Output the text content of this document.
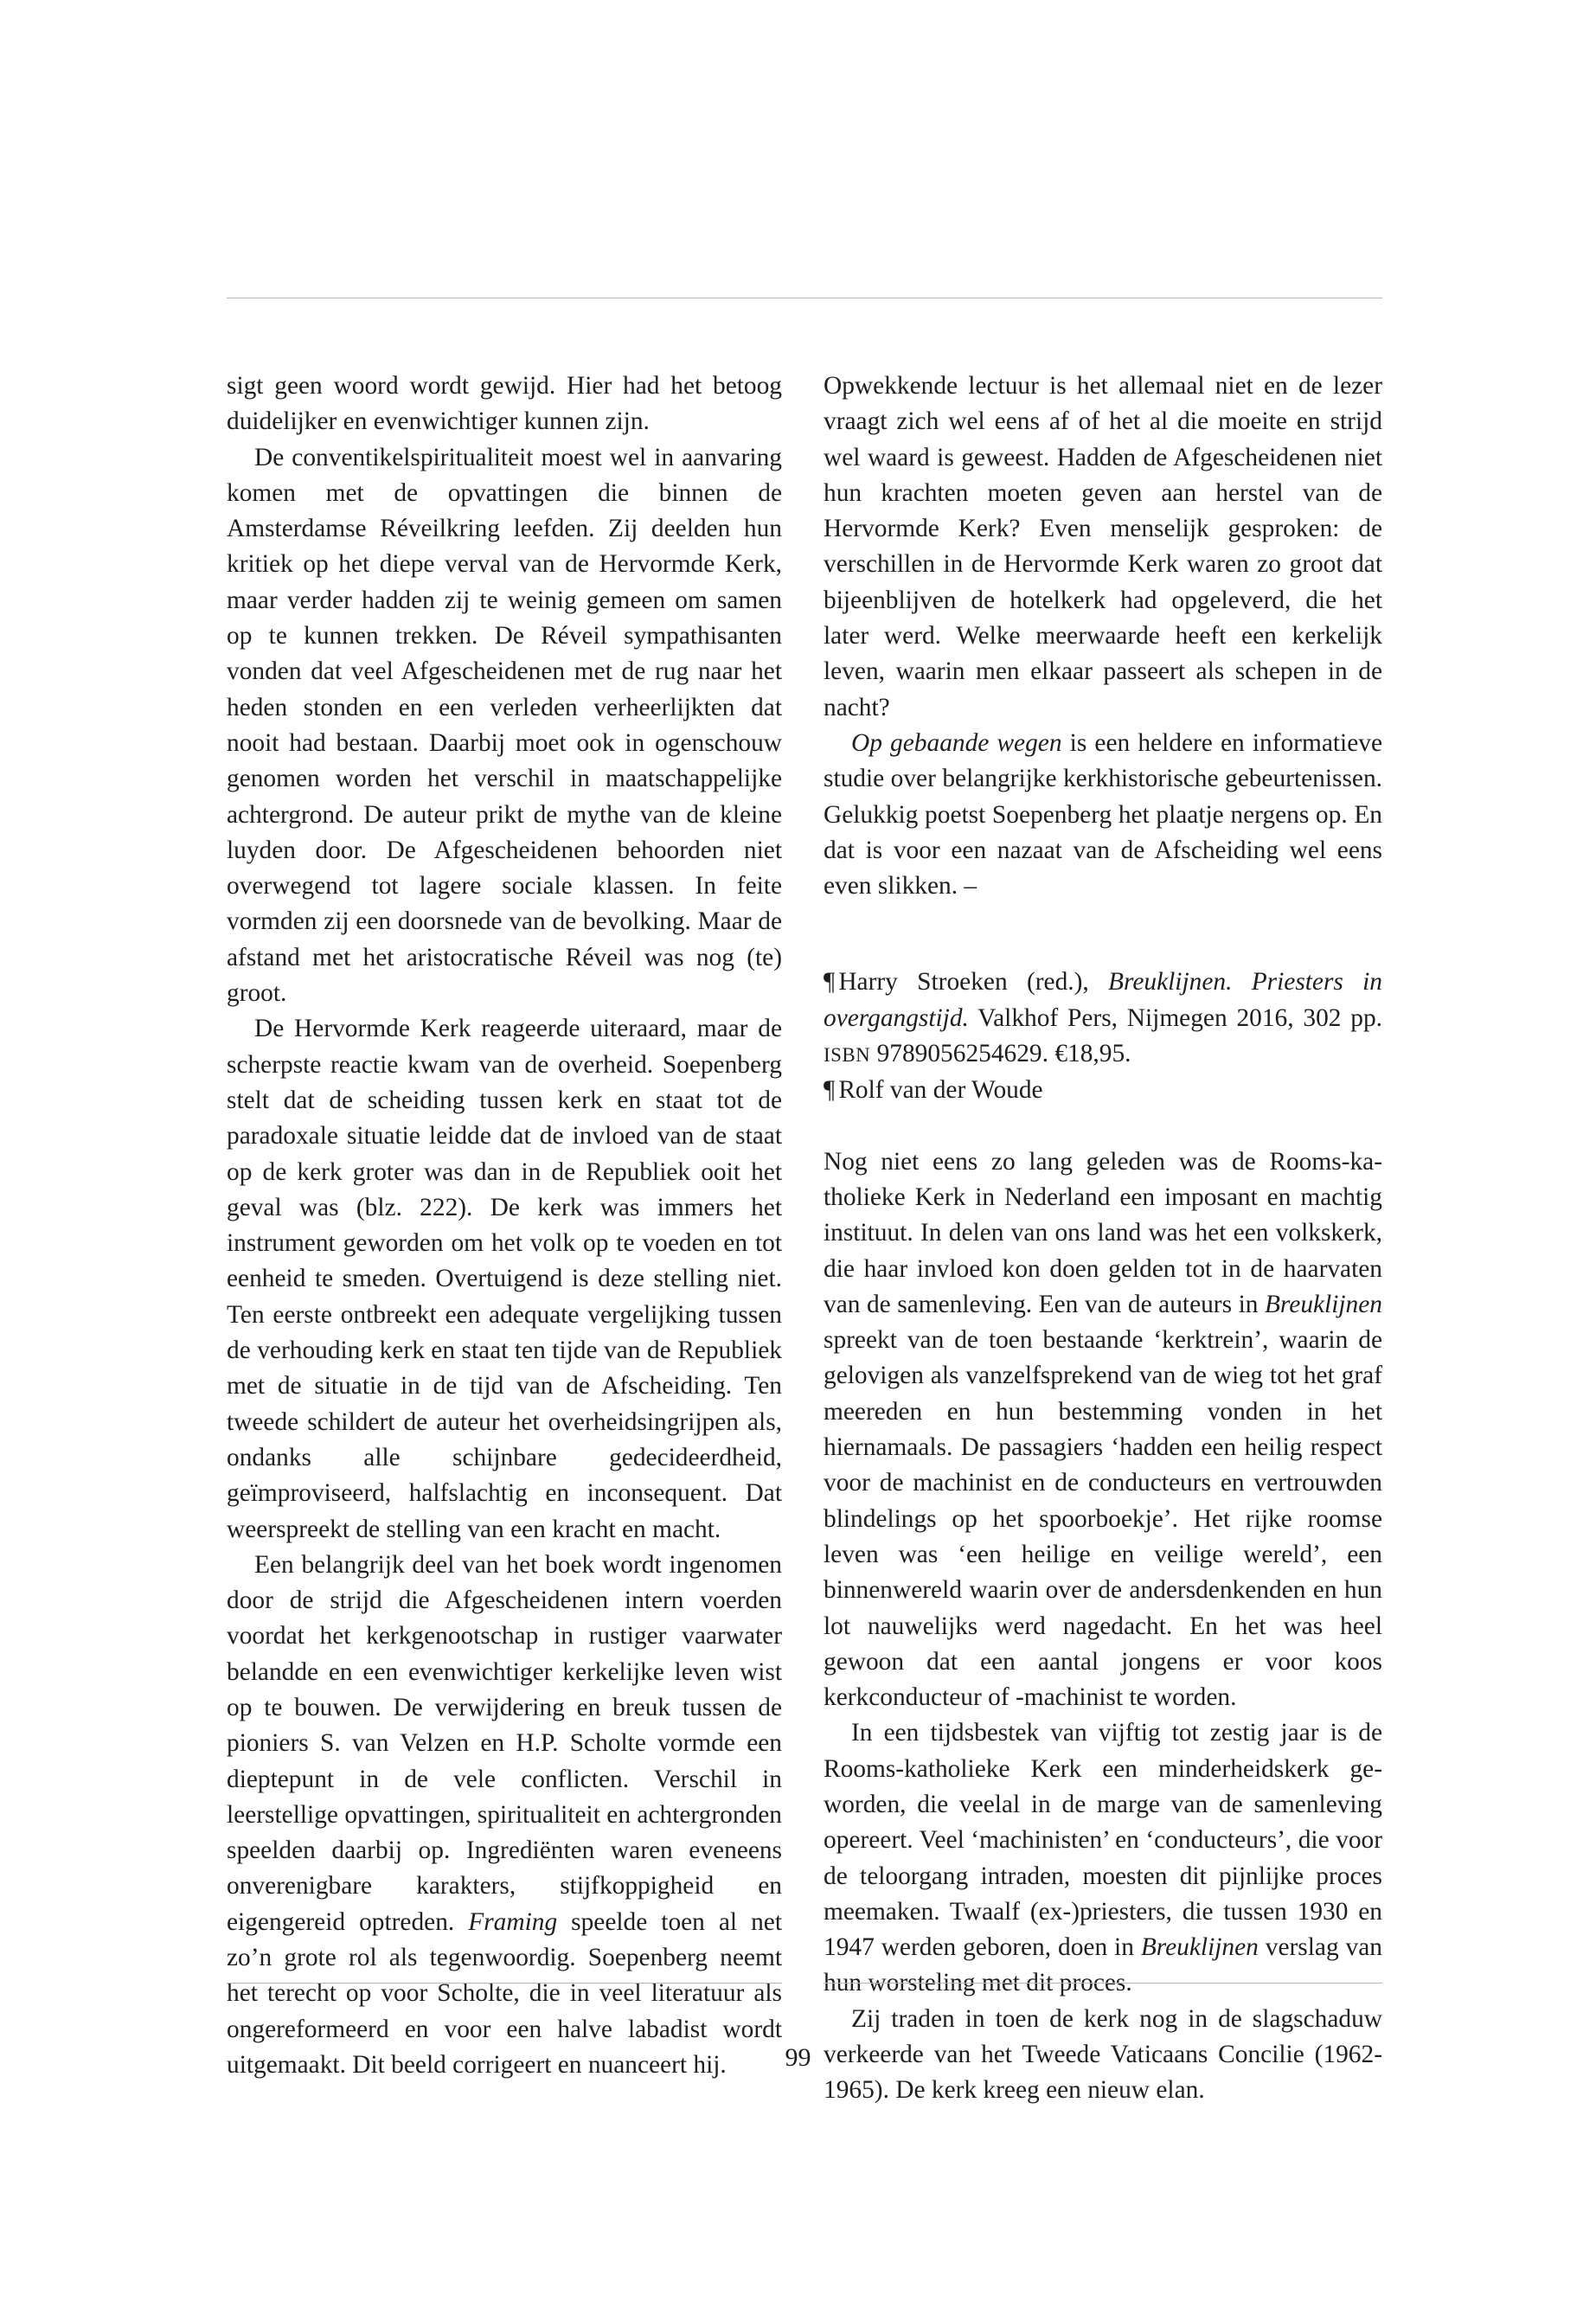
sigt geen woord wordt gewijd. Hier had het betoog duidelijker en evenwichtiger kunnen zijn.

De conventikelspiritualiteit moest wel in aanvaring komen met de opvattingen die binnen de Amsterdamse Réveilkring leefden. Zij deelden hun kritiek op het diepe verval van de Hervormde Kerk, maar verder hadden zij te weinig gemeen om samen op te kunnen trekken. De Réveil sympathisanten vonden dat veel Afgescheidenen met de rug naar het heden stonden en een verleden verheerlijkten dat nooit had bestaan. Daarbij moet ook in ogenschouw genomen worden het verschil in maatschappelijke achtergrond. De auteur prikt de mythe van de kleine luyden door. De Afgescheidenen behoorden niet overwegend tot lagere sociale klassen. In feite vormden zij een doorsnede van de bevolking. Maar de afstand met het aristocratische Réveil was nog (te) groot.

De Hervormde Kerk reageerde uiteraard, maar de scherpste reactie kwam van de overheid. Soepenberg stelt dat de scheiding tussen kerk en staat tot de paradoxale situatie leidde dat de invloed van de staat op de kerk groter was dan in de Republiek ooit het geval was (blz. 222). De kerk was immers het instrument geworden om het volk op te voeden en tot eenheid te smeden. Overtuigend is deze stelling niet. Ten eerste ontbreekt een adequate vergelijking tussen de verhouding kerk en staat ten tijde van de Republiek met de situatie in de tijd van de Afscheiding. Ten tweede schildert de auteur het overheidsingrijpen als, ondanks alle schijnbare gedecideerdheid, geïmproviseerd, halfslachtig en inconsequent. Dat weerspreekt de stelling van een kracht en macht.

Een belangrijk deel van het boek wordt ingenomen door de strijd die Afgescheidenen intern voerden voordat het kerkgenootschap in rustiger vaarwater belandde en een evenwichtiger kerkelijke leven wist op te bouwen. De verwijdering en breuk tussen de pioniers S. van Velzen en H.P. Scholte vormde een dieptepunt in de vele conflicten. Verschil in leerstellige opvattingen, spiritualiteit en achtergronden speelden daarbij op. Ingrediënten waren eveneens onverenigbare karakters, stijfkoppigheid en eigengereid optreden. Framing speelde toen al net zo’n grote rol als tegenwoordig. Soepenberg neemt het terecht op voor Scholte, die in veel literatuur als ongereformeerd en voor een halve labadist wordt uitgemaakt. Dit beeld corrigeert en nuanceert hij.

Opwekkende lectuur is het allemaal niet en de lezer vraagt zich wel eens af of het al die moeite en strijd wel waard is geweest. Hadden de Afgescheidenen niet hun krachten moeten geven aan herstel van de Hervormde Kerk? Even menselijk gesproken: de verschillen in de Hervormde Kerk waren zo groot dat bijeenblijven de hotelkerk had opgeleverd, die het later werd. Welke meerwaarde heeft een kerkelijk leven, waarin men elkaar passeert als schepen in de nacht?

Op gebaande wegen is een heldere en informatieve studie over belangrijke kerkhistorische gebeurtenissen. Gelukkig poetst Soepenberg het plaatje nergens op. En dat is voor een nazaat van de Afscheiding wel eens even slikken. –

¶ Harry Stroeken (red.), Breuklijnen. Priesters in overgangstijd. Valkhof Pers, Nijmegen 2016, 302 pp. ISBN 9789056254629. €18,95.

¶ Rolf van der Woude

Nog niet eens zo lang geleden was de Rooms-katholieke Kerk in Nederland een imposant en machtig instituut. In delen van ons land was het een volkskerk, die haar invloed kon doen gelden tot in de haarvaten van de samenleving. Een van de auteurs in Breuklijnen spreekt van de toen bestaande ‘kerktrein’, waarin de gelovigen als vanzelfsprekend van de wieg tot het graf meereden en hun bestemming vonden in het hiernamaals. De passagiers ‘hadden een heilig respect voor de machinist en de conducteurs en vertrouwden blindelings op het spoorboekje’. Het rijke roomse leven was ‘een heilige en veilige wereld’, een binnenwereld waarin over de andersdenkenden en hun lot nauwelijks werd nagedacht. En het was heel gewoon dat een aantal jongens er voor koos kerkconducteur of -machinist te worden.

In een tijdsbestek van vijftig tot zestig jaar is de Rooms-katholieke Kerk een minderheidskerk geworden, die veelal in de marge van de samenleving opereert. Veel ‘machinisten’ en ‘conducteurs’, die voor de teloorgang intraden, moesten dit pijnlijke proces meemaken. Twaalf (ex-)priesters, die tussen 1930 en 1947 werden geboren, doen in Breuklijnen verslag van hun worsteling met dit proces.

Zij traden in toen de kerk nog in de slagschaduw verkeerde van het Tweede Vaticaans Concilie (1962-1965). De kerk kreeg een nieuw elan.

99
